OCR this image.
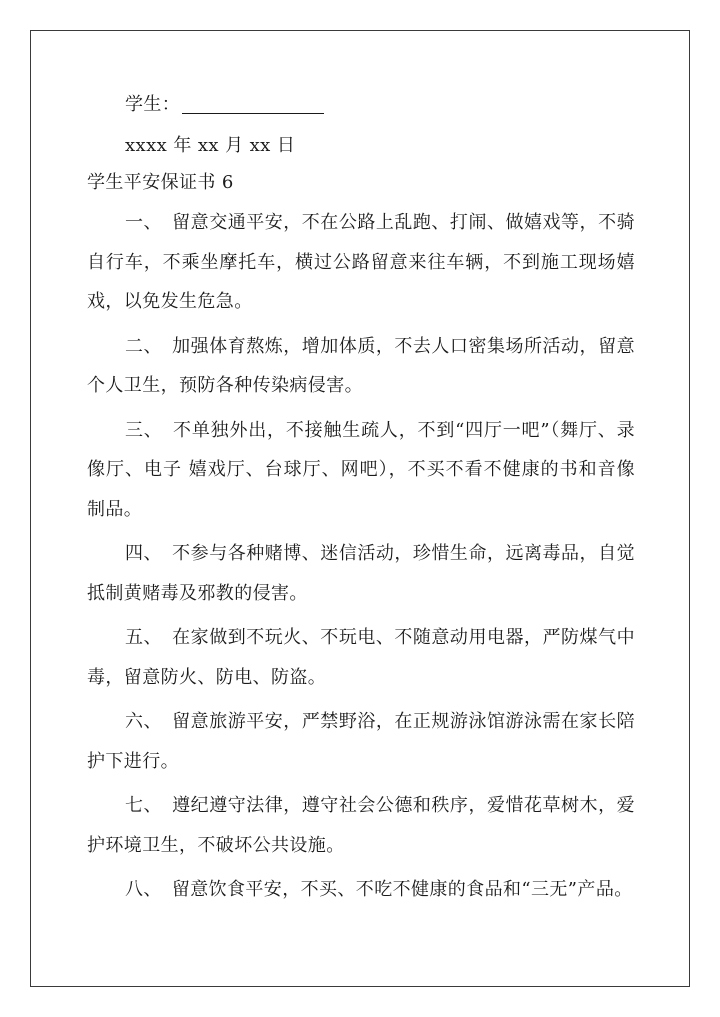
学生：

xxxx 年 xx 月 xx 日

学生平安保证书 6

一、 留意交通平安，不在公路上乱跑、打闹、做嬉戏等，不骑自行车，不乘坐摩托车，横过公路留意来往车辆，不到施工现场嬉戏，以免发生危急。

二、 加强体育熬炼，增加体质，不去人口密集场所活动，留意个人卫生，预防各种传染病侵害。

三、 不单独外出，不接触生疏人，不到“四厅一吧”（舞厅、录像厅、电子 嬉戏厅、台球厅、网吧），不买不看不健康的书和音像制品。

四、 不参与各种赌博、迷信活动，珍惜生命，远离毒品，自觉抵制黄赌毒及邪教的侵害。

五、 在家做到不玩火、不玩电、不随意动用电器，严防煤气中毒，留意防火、防电、防盗。

六、 留意旅游平安，严禁野浴，在正规游泳馆游泳需在家长陪护下进行。

七、 遵纪遵守法律，遵守社会公德和秩序，爱惜花草树木，爱护环境卫生，不破坏公共设施。

八、 留意饮食平安，不买、不吃不健康的食品和“三无”产品。
